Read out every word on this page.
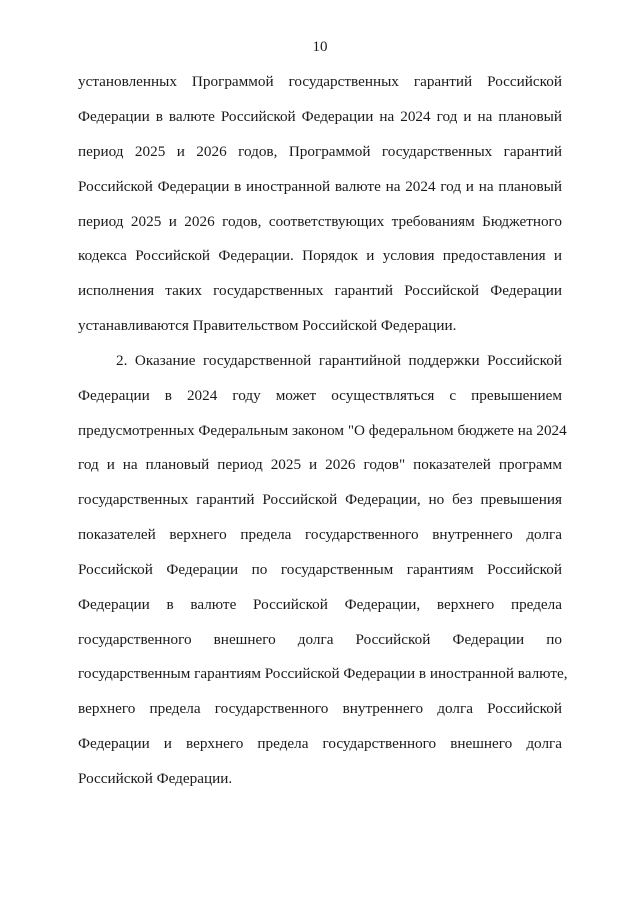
10
установленных Программой государственных гарантий Российской
Федерации в валюте Российской Федерации на 2024 год и на плановый
период 2025 и 2026 годов, Программой государственных гарантий
Российской Федерации в иностранной валюте на 2024 год и на плановый
период 2025 и 2026 годов, соответствующих требованиям Бюджетного
кодекса Российской Федерации. Порядок и условия предоставления и
исполнения таких государственных гарантий Российской Федерации
устанавливаются Правительством Российской Федерации.
2. Оказание государственной гарантийной поддержки Российской
Федерации в 2024 году может осуществляться с превышением
предусмотренных Федеральным законом "О федеральном бюджете на 2024
год и на плановый период 2025 и 2026 годов" показателей программ
государственных гарантий Российской Федерации, но без превышения
показателей верхнего предела государственного внутреннего долга
Российской Федерации по государственным гарантиям Российской
Федерации в валюте Российской Федерации, верхнего предела
государственного внешнего долга Российской Федерации по
государственным гарантиям Российской Федерации в иностранной валюте,
верхнего предела государственного внутреннего долга Российской
Федерации и верхнего предела государственного внешнего долга
Российской Федерации.
